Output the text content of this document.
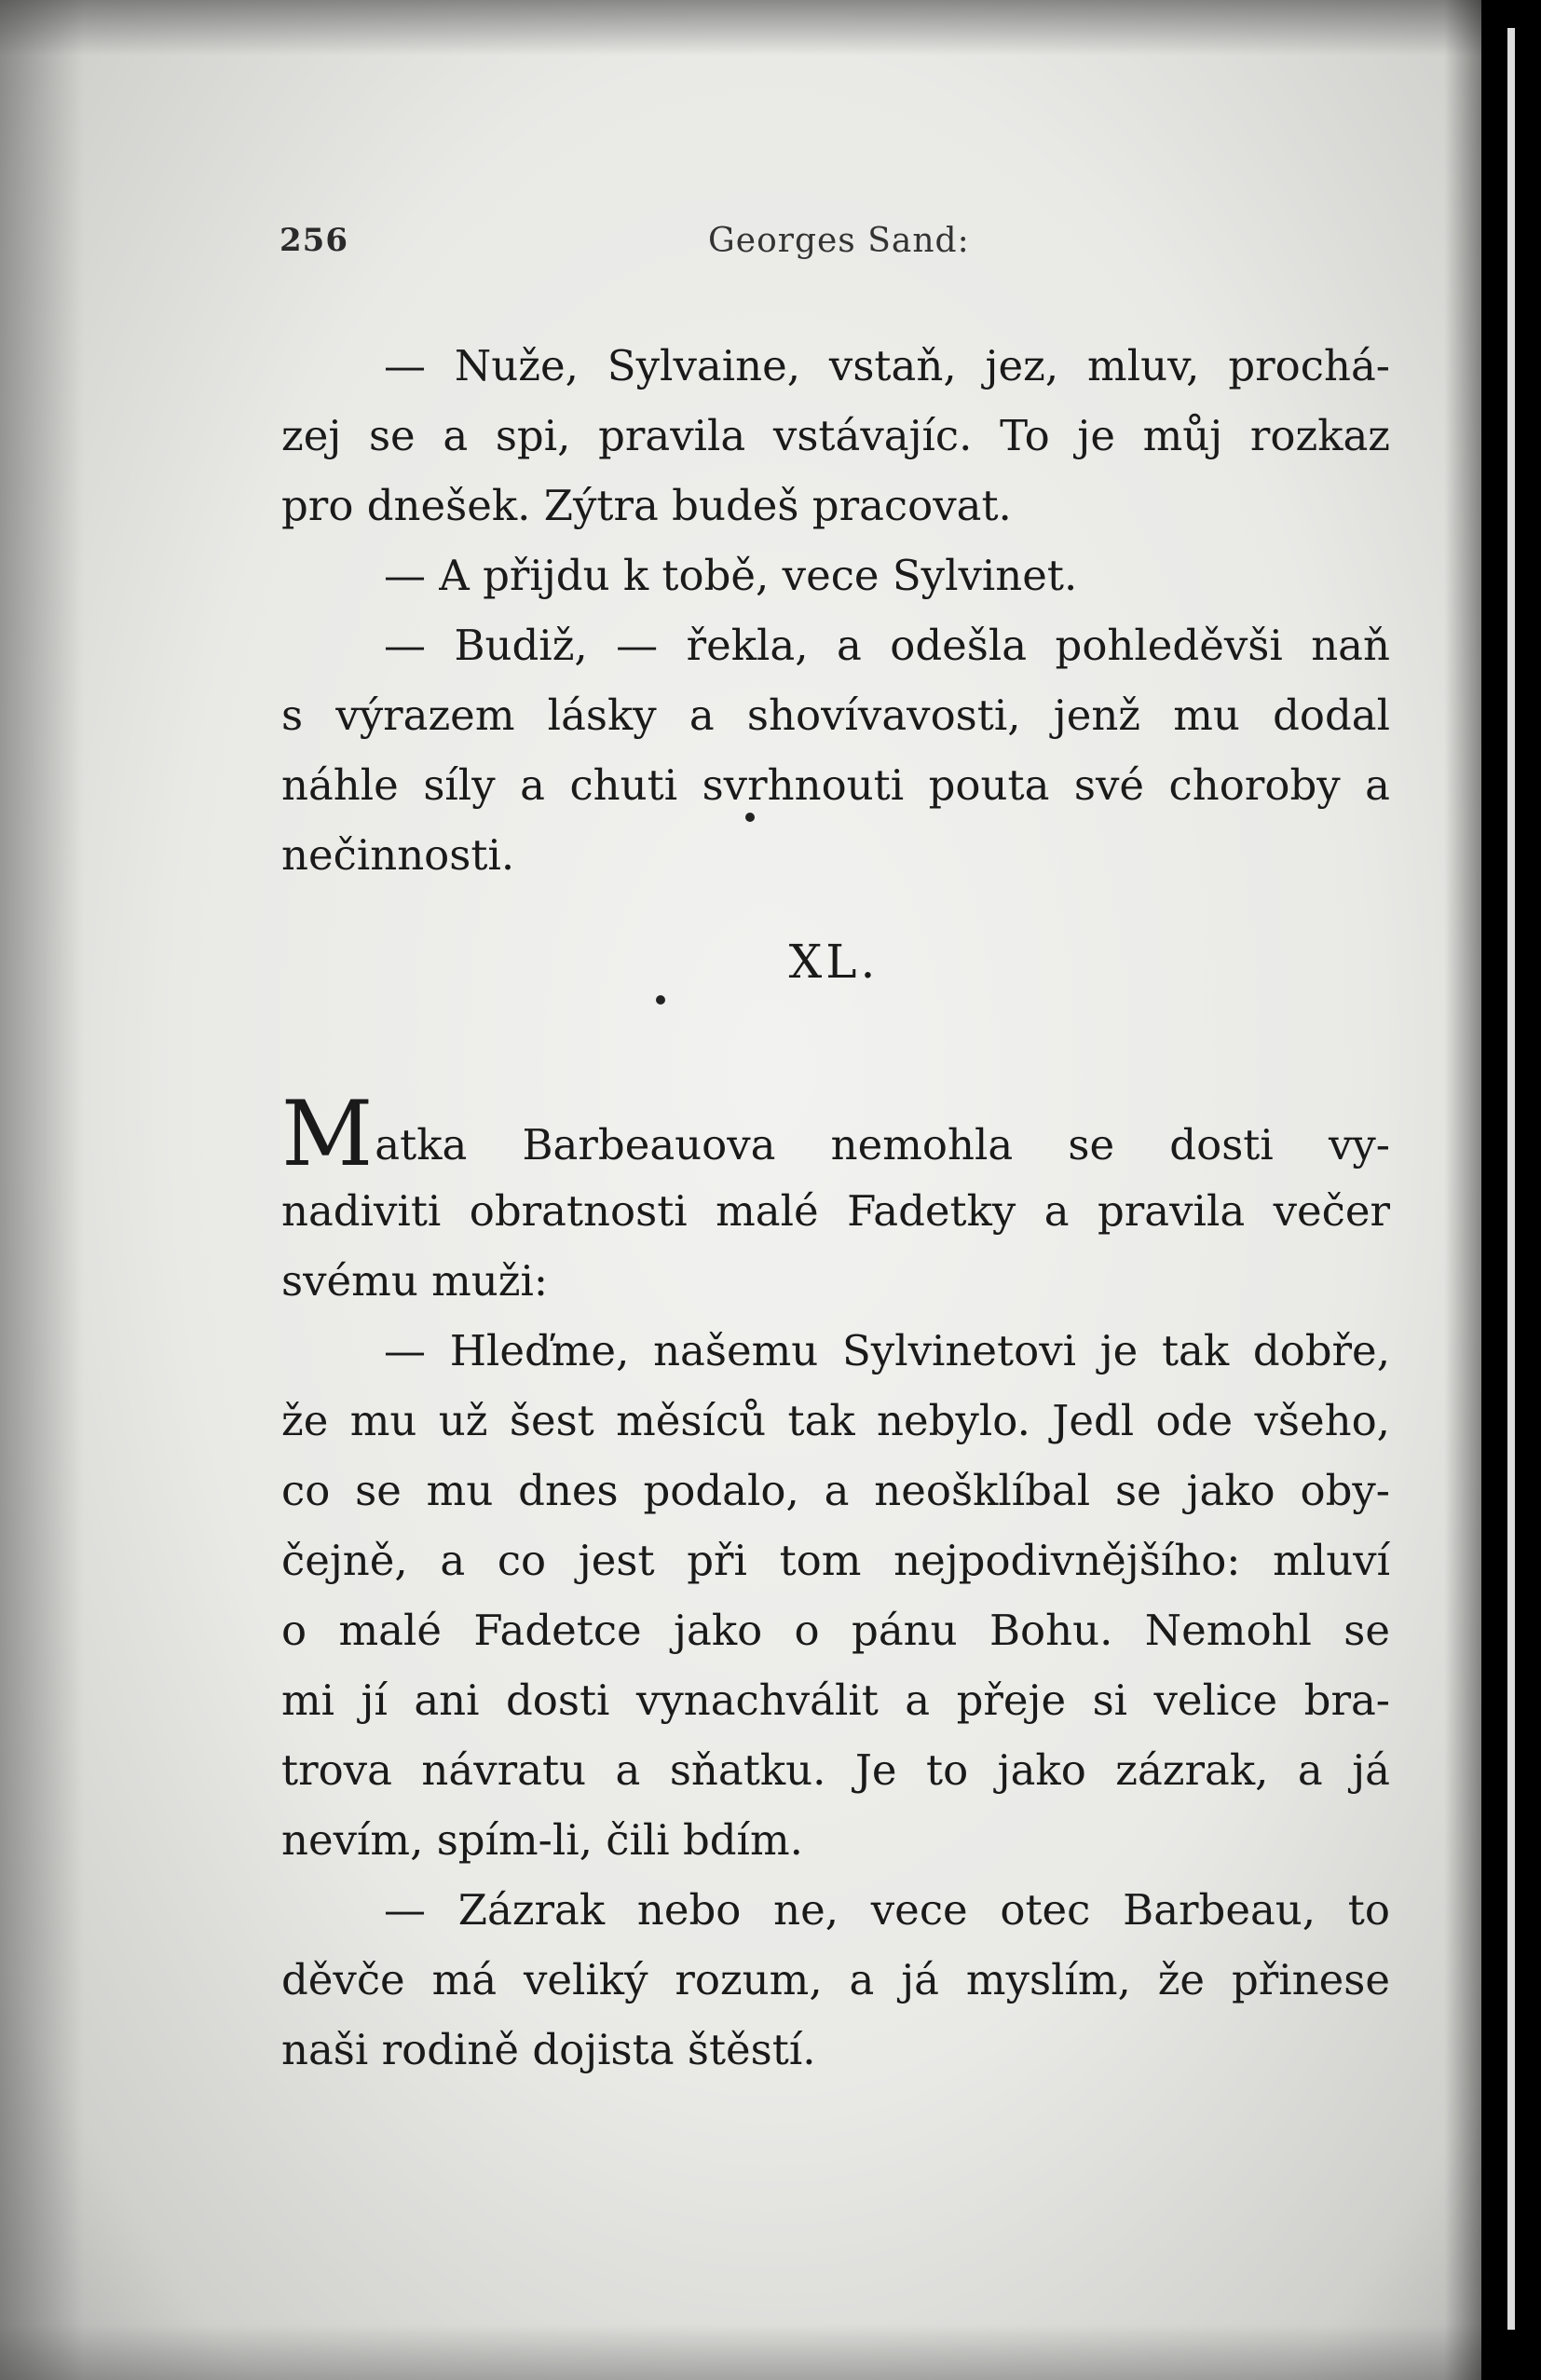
256	Georges Sand:
— Nuže, Sylvaine, vstaň, jez, mluv, prochá-
zej se a spi, pravila vstávajíc. To je můj rozkaz
pro dnešek. Zýtra budeš pracovat.
— A přijdu k tobě, vece Sylvinet.
— Budiž, — řekla, a odešla pohleděvši naň
s výrazem lásky a shovívavosti, jenž mu dodal
náhle síly a chuti svrhnouti pouta své choroby a
nečinnosti.
XL.
Matka Barbeauova nemohla se dosti vy-
nadiviti obratnosti malé Fadetky a pravila večer
svému muži:
— Hleďme, našemu Sylvinetovi je tak dobře,
že mu už šest měsíců tak nebylo. Jedl ode všeho,
co se mu dnes podalo, a neošklíbal se jako oby-
čejně, a co jest při tom nejpodivnějšího: mluví
o malé Fadetce jako o pánu Bohu. Nemohl se
mi jí ani dosti vynachválit a přeje si velice bra-
trova návratu a sňatku. Je to jako zázrak, a já
nevím, spím-li, čili bdím.
— Zázrak nebo ne, vece otec Barbeau, to
děvče má veliký rozum, a já myslím, že přinese
naši rodině dojista štěstí.
